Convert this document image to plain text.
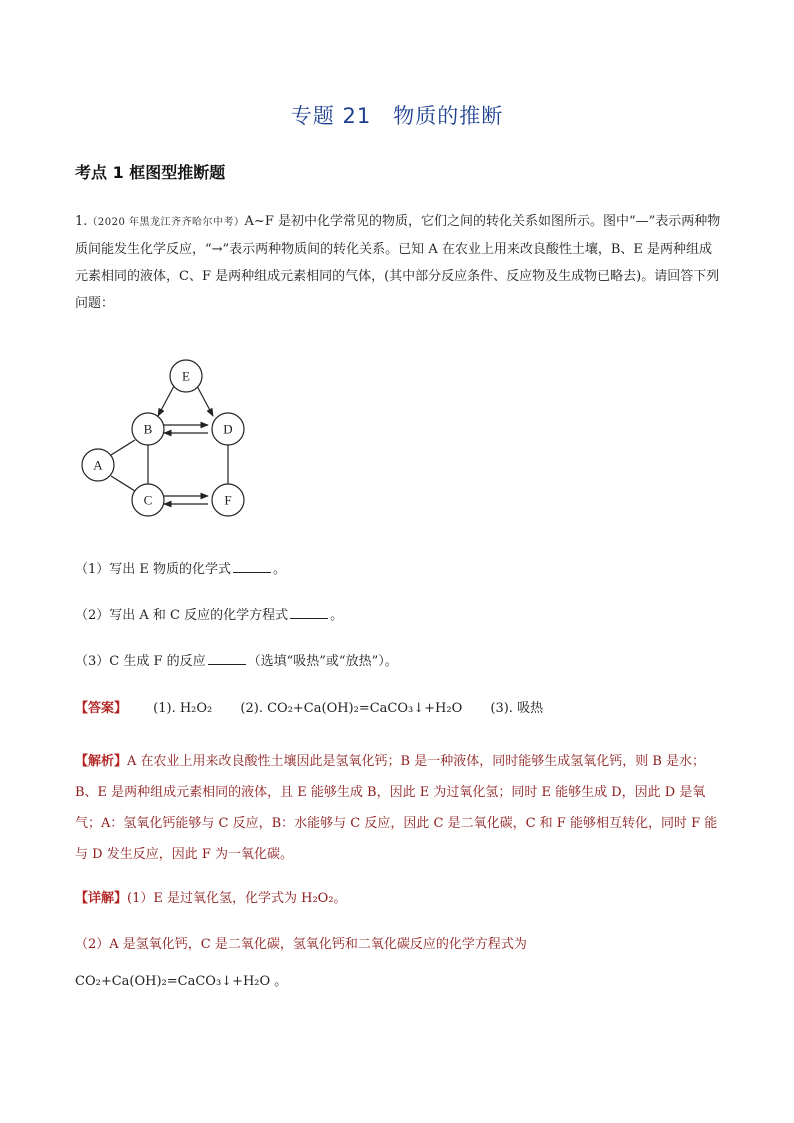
专题 21　物质的推断
考点 1 框图型推断题
1.（2020 年黑龙江齐齐哈尔中考）A~F 是初中化学常见的物质，它们之间的转化关系如图所示。图中“—”表示两种物质间能发生化学反应，“→”表示两种物质间的转化关系。已知 A 在农业上用来改良酸性土壤，B、E 是两种组成元素相同的液体，C、F 是两种组成元素相同的气体，(其中部分反应条件、反应物及生成物已略去)。请回答下列问题：
E
B	D
A
C	F
（1）写出 E 物质的化学式	。
（2）写出 A 和 C 反应的化学方程式	。
（3）C 生成 F 的反应	（选填“吸热”或“放热”）。
【答案】 (1). H₂O₂ (2). CO₂+Ca(OH)₂=CaCO₃↓+H₂O (3). 吸热
【解析】A 在农业上用来改良酸性土壤因此是氢氧化钙；B 是一种液体，同时能够生成氢氧化钙，则 B 是水；B、E 是两种组成元素相同的液体，且 E 能够生成 B，因此 E 为过氧化氢；同时 E 能够生成 D，因此 D 是氧气；A：氢氧化钙能够与 C 反应，B：水能够与 C 反应，因此 C 是二氧化碳，C 和 F 能够相互转化，同时 F 能与 D 发生反应，因此 F 为一氧化碳。
【详解】(1）E 是过氧化氢，化学式为 H₂O₂。
（2）A 是氢氧化钙，C 是二氧化碳，氢氧化钙和二氧化碳反应的化学方程式为
CO₂+Ca(OH)₂=CaCO₃↓+H₂O 。
